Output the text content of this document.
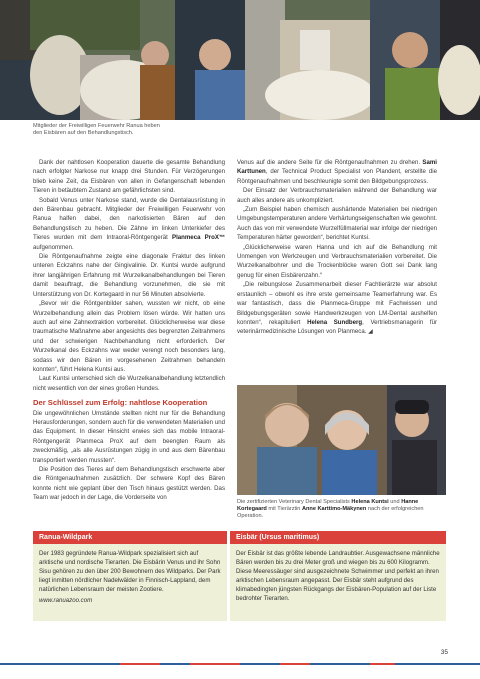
Mitglieder der Freiwilligen Feuerwehr Ranua heben
den Eisbären auf den Behandlungstisch.

Dank der nahtlosen Kooperation dauerte die gesamte Behandlung nach erfolgter Narkose nur knapp drei Stunden. Für Verzögerungen blieb keine Zeit, da Eisbären von allen in Gefangenschaft lebenden Tieren in betäubtem Zustand am gefährlichsten sind.

Sobald Venus unter Narkose stand, wurde die Dentalausrüstung in den Bärenbau gebracht. Mitglieder der Freiwilligen Feuerwehr von Ranua halfen dabei, den narkotisierten Bären auf den Behandlungstisch zu heben. Die Zähne im linken Unterkiefer des Tieres wurden mit dem Intraoral-Röntgengerät Planmeca ProX™ aufgenommen.

Die Röntgenaufnahme zeigte eine diagonale Fraktur des linken unteren Eckzahns nahe der Gingivalinie. Dr. Kuntsi wurde aufgrund ihrer langjährigen Erfahrung mit Wurzelkanalbehandlungen bei Tieren damit beauftragt, die Behandlung vorzunehmen, die sie mit Unterstützung von Dr. Kortegaard in nur 56 Minuten absolvierte.

„Bevor wir die Röntgenbilder sahen, wussten wir nicht, ob eine Wurzelbehandlung allein das Problem lösen würde. Wir hatten uns auch auf eine Zahnextraktion vorbereitet. Glücklicherweise war diese traumatische Maßnahme aber angesichts des begrenzten Zeitrahmens und der schwierigen Nachbehandlung nicht erforderlich. Der Wurzelkanal des Eckzahns war weder verengt noch besonders lang, sodass wir den Bären im vorgesehenen Zeitrahmen behandeln konnten“, führt Helena Kuntsi aus.

Laut Kuntsi unterschied sich die Wurzelkanalbehandlung letztendlich nicht wesentlich von der eines großen Hundes.

Der Schlüssel zum Erfolg: nahtlose Kooperation

Die ungewöhnlichen Umstände stellten nicht nur für die Behandlung Herausforderungen, sondern auch für die verwendeten Materialien und das Equipment. In dieser Hinsicht erwies sich das mobile Intraoral-Röntgengerät Planmeca ProX auf dem beengten Raum als zweckmäßig, „als alle Ausrüstungen zügig in und aus dem Bärenbau transportiert werden mussten“.

Die Position des Tieres auf dem Behandlungstisch erschwerte aber die Röntgenaufnahmen zusätzlich. Der schwere Kopf des Bären konnte nicht wie geplant über den Tisch hinaus gestützt werden. Das Team war jedoch in der Lage, die Vorderseite von

Venus auf die andere Seite für die Röntgenaufnahmen zu drehen. Sami Karttunen, der Technical Product Specialist von Plandent, erstellte die Röntgenaufnahmen und beschleunigte somit den Bildgebungsprozess.

Der Einsatz der Verbrauchsmaterialien während der Behandlung war auch alles andere als unkompliziert.

„Zum Beispiel haben chemisch aushärtende Materialien bei niedrigen Umgebungstemperaturen andere Verhärtungseigenschaften wie gewohnt. Auch das von mir verwendete Wurzelfüllmaterial war infolge der niedrigen Temperaturen härter geworden“, berichtet Kuntsi.

„Glücklicherweise waren Hanna und ich auf die Behandlung mit Unmengen von Werkzeugen und Verbrauchsmaterialien vorbereitet. Die Wurzelkanalbohrer und die Trockenblöcke waren Gott sei Dank lang genug für einen Eisbärenzahn.“

„Die reibungslose Zusammenarbeit dieser Fachtierärzte war absolut erstaunlich – obwohl es ihre erste gemeinsame Teamerfahrung war. Es war fantastisch, dass die Planmeca-Gruppe mit Fachwissen und Bildgebungsgeräten sowie Handwerkzeugen von LM-Dental aushelfen konnten“, rekapituliert Helena Sundberg, Vertriebsmanagerin für veterinärmedizinische Lösungen von Planmeca. ◢

Die zertifizierten Veterinary Dental Specialists Helena Kuntsi und Hanne Kortegaard mit Tierärztin Anne Karttimo-Mäkynen nach der erfolgreichen Operation.
Ranua-Wildpark
Der 1983 gegründete Ranua-Wildpark spezialisiert sich auf arktische und nordische Tierarten. Die Eisbärin Venus und ihr Sohn Sisu gehören zu den über 200 Bewohnern des Wildparks. Der Park liegt inmitten nördlicher Nadelwälder in Finnisch-Lappland, dem natürlichen Lebensraum der meisten Zootiere.
www.ranuazoo.com
Eisbär (Ursus maritimus)
Der Eisbär ist das größte lebende Landraubtier. Ausgewachsene männliche Bären werden bis zu drei Meter groß und wiegen bis zu 600 Kilogramm. Diese Meeressäuger sind ausgezeichnete Schwimmer und perfekt an ihren arktischen Lebensraum angepasst. Der Eisbär steht aufgrund des klimabedingten jüngsten Rückgangs der Eisbären-Population auf der Liste bedrohter Tierarten.
35
